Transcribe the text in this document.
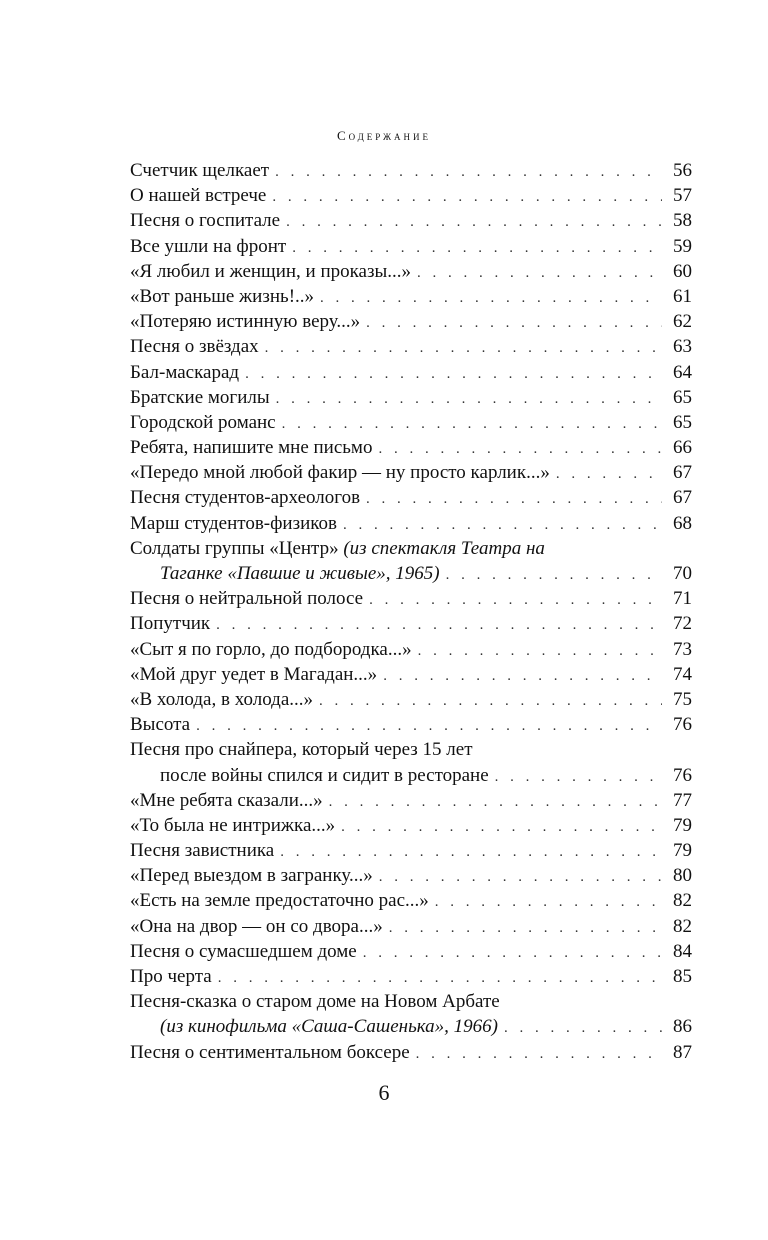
Содержание
Счетчик щелкает . . .	56
О нашей встрече . . .	57
Песня о госпитале . . .	58
Все ушли на фронт . . .	59
«Я любил и женщин, и проказы...» . . .	60
«Вот раньше жизнь!..» . . .	61
«Потеряю истинную веру...» . . .	62
Песня о звёздах . . .	63
Бал-маскарад . . .	64
Братские могилы . . .	65
Городской романс . . .	65
Ребята, напишите мне письмо . . .	66
«Передо мной любой факир — ну просто карлик...» . . .	67
Песня студентов-археологов . . .	67
Марш студентов-физиков . . .	68
Солдаты группы «Центр» (из спектакля Театра на
Таганке «Павшие и живые», 1965) . . .	70
Песня о нейтральной полосе . . .	71
Попутчик . . .	72
«Сыт я по горло, до подбородка...» . . .	73
«Мой друг уедет в Магадан...» . . .	74
«В холода, в холода...» . . .	75
Высота . . .	76
Песня про снайпера, который через 15 лет
после войны спился и сидит в ресторане . . .	76
«Мне ребята сказали...» . . .	77
«То была не интрижка...» . . .	79
Песня завистника . . .	79
«Перед выездом в загранку...» . . .	80
«Есть на земле предостаточно рас...» . . .	82
«Она на двор — он со двора...» . . .	82
Песня о сумасшедшем доме . . .	84
Про черта . . .	85
Песня-сказка о старом доме на Новом Арбате
(из кинофильма «Саша-Сашенька», 1966) . . .	86
Песня о сентиментальном боксере . . .	87
6
